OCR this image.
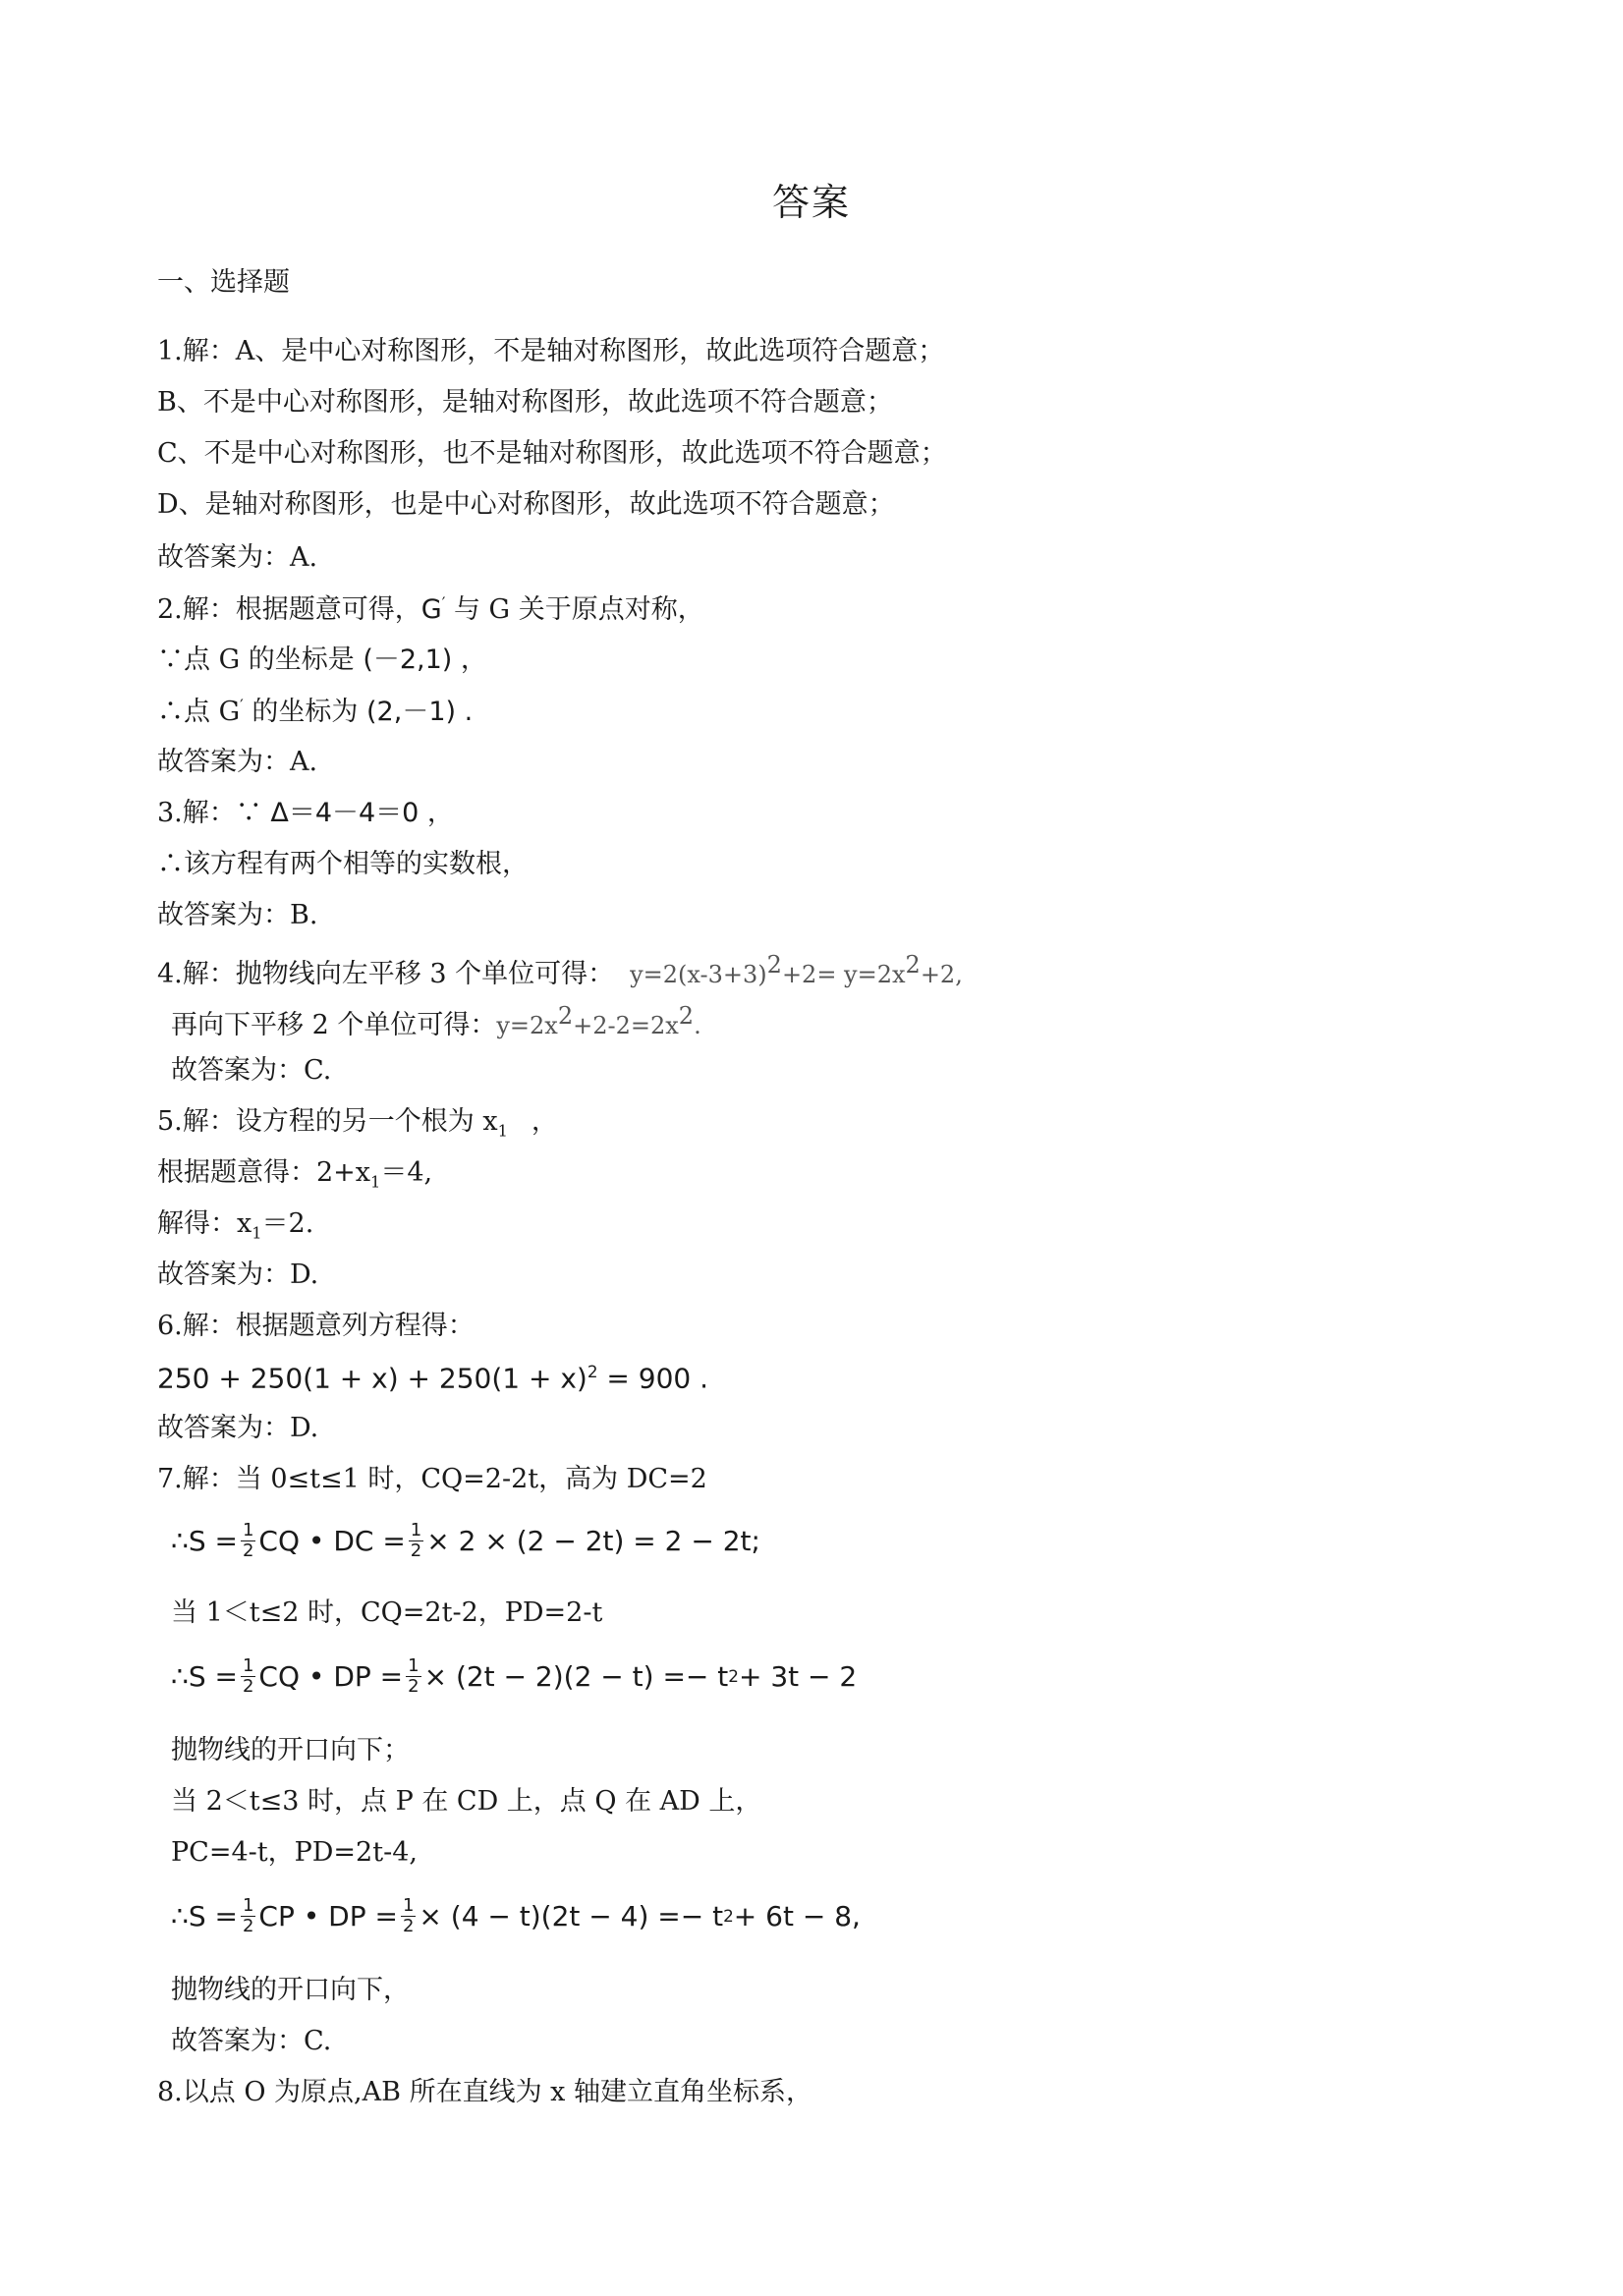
答案
一、选择题
1.解：A、是中心对称图形，不是轴对称图形，故此选项符合题意；
B、不是中心对称图形，是轴对称图形，故此选项不符合题意；
C、不是中心对称图形，也不是轴对称图形，故此选项不符合题意；
D、是轴对称图形，也是中心对称图形，故此选项不符合题意；
故答案为：A.
2.解：根据题意可得，G′ 与 G 关于原点对称，
∵点 G 的坐标是 (－2,1) ，
∴点 G′ 的坐标为 (2,－1) .
故答案为：A.
3.解：∵ Δ＝4－4＝0 ，
∴该方程有两个相等的实数根，
故答案为：B.
4.解：抛物线向左平移 3 个单位可得： $y=2(x-3+3)^2+2= y=2x^2+2$,
再向下平移 2 个单位可得：$y=2x^2+2-2=2x^2$.
故答案为：C.
5.解：设方程的另一个根为 $x_1$ ，
根据题意得：$2+x_1=4$,
解得：$x_1=2$.
故答案为：D.
6.解：根据题意列方程得：
$250 + 250(1 + x) + 250(1 + x)^2 = 900$ .
故答案为：D.
7.解：当 0≤t≤1 时，CQ=2-2t，高为 DC=2
∴S = $\frac{1}{2}$ CQ • DC = $\frac{1}{2} \times 2 \times (2 - 2t) = 2 - 2t$;
当 1＜t≤2 时，CQ=2t-2，PD=2-t
∴S = $\frac{1}{2}$ CQ • DP = $\frac{1}{2} \times (2t - 2)(2 - t) =- t$ 2 + 3t − 2
抛物线的开口向下；
当 2＜t≤3 时，点 P 在 CD 上，点 Q 在 AD 上，
PC=4-t，PD=2t-4,
∴S = $\frac{1}{2}$ CP • DP = $\frac{1}{2} \times (4 - t)(2t - 4) =- t$ 2 + 6t − 8,
抛物线的开口向下，
故答案为：C.
8.以点 O 为原点,AB 所在直线为 x 轴建立直角坐标系，
